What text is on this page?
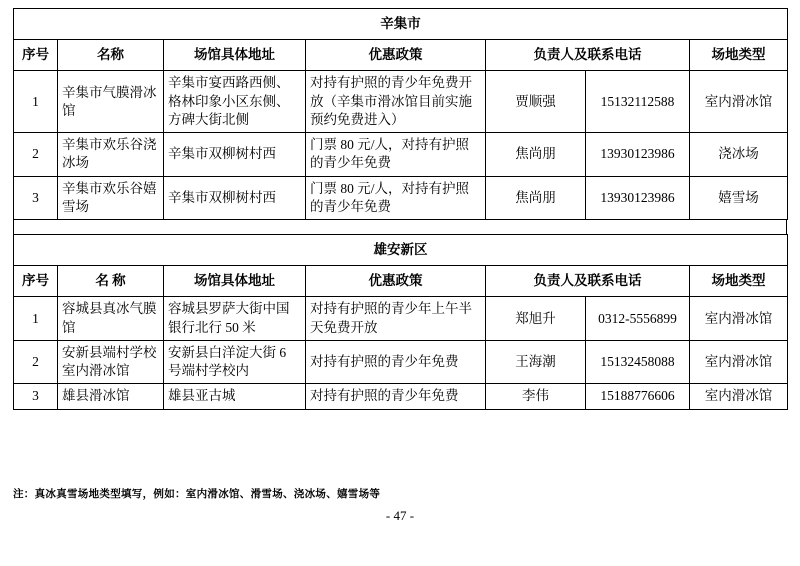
辛集市						
序号	名称	场馆具体地址	优惠政策	负责人及联系电话		场地类型
1	辛集市气膜滑冰馆	辛集市宴西路西侧、格林印象小区东侧、方碑大街北侧	对持有护照的青少年免费开放（辛集市滑冰馆目前实施预约免费进入）	贾顺强	15132112588	室内滑冰馆
2	辛集市欢乐谷浇冰场	辛集市双柳树村西	门票 80 元/人，对持有护照的青少年免费	焦尚朋	13930123986	浇冰场
3	辛集市欢乐谷嬉雪场	辛集市双柳树村西	门票 80 元/人，对持有护照的青少年免费	焦尚朋	13930123986	嬉雪场
雄安新区						
序号	名 称	场馆具体地址	优惠政策	负责人及联系电话		场地类型
1	容城县真冰气膜馆	容城县罗萨大街中国银行北行 50 米	对持有护照的青少年上午半天免费开放	郑旭升	0312-5556899	室内滑冰馆
2	安新县端村学校室内滑冰馆	安新县白洋淀大街 6 号端村学校内	对持有护照的青少年免费	王海潮	15132458088	室内滑冰馆
3	雄县滑冰馆	雄县亚古城	对持有护照的青少年免费	李伟	15188776606	室内滑冰馆
注：真冰真雪场地类型填写，例如：室内滑冰馆、滑雪场、浇冰场、嬉雪场等
- 47 -
